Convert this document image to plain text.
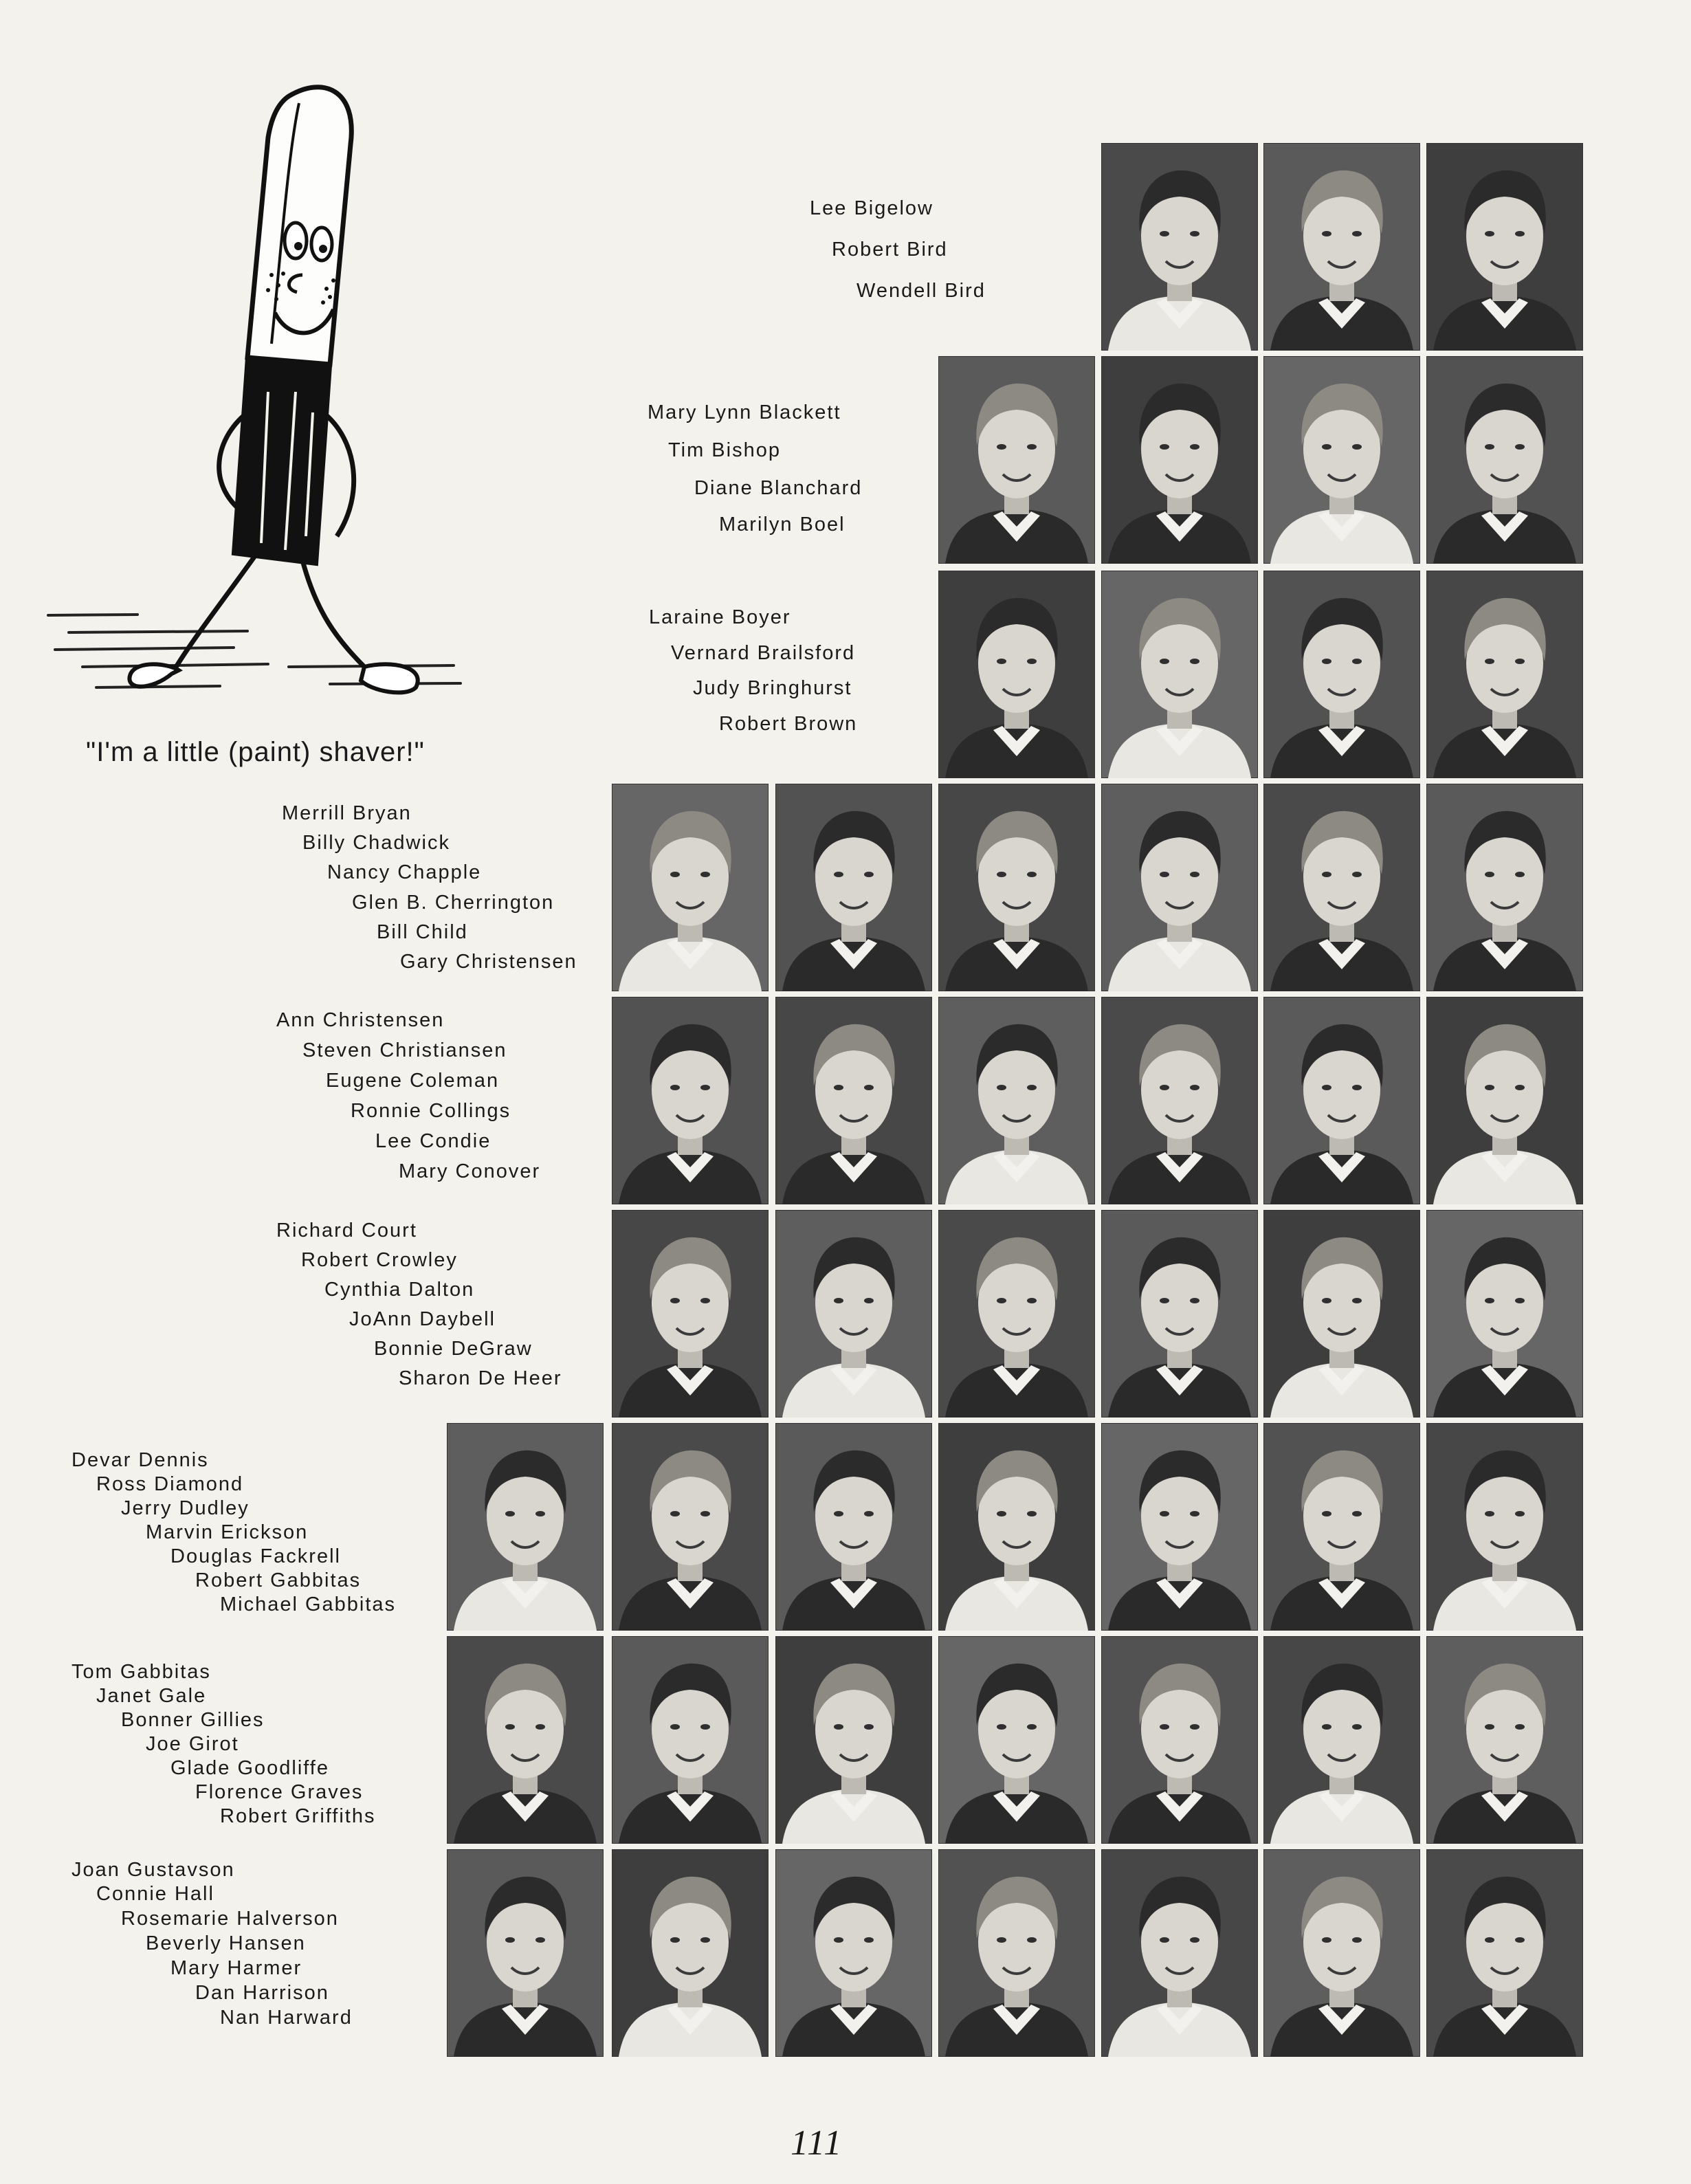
"I'm a little (paint) shaver!"
Lee Bigelow
Robert Bird
Wendell Bird
Mary Lynn Blackett
Tim Bishop
Diane Blanchard
Marilyn Boel
Laraine Boyer
Vernard Brailsford
Judy Bringhurst
Robert Brown
Merrill Bryan
Billy Chadwick
Nancy Chapple
Glen B. Cherrington
Bill Child
Gary Christensen
Ann Christensen
Steven Christiansen
Eugene Coleman
Ronnie Collings
Lee Condie
Mary Conover
Richard Court
Robert Crowley
Cynthia Dalton
JoAnn Daybell
Bonnie DeGraw
Sharon De Heer
Devar Dennis
Ross Diamond
Jerry Dudley
Marvin Erickson
Douglas Fackrell
Robert Gabbitas
Michael Gabbitas
Tom Gabbitas
Janet Gale
Bonner Gillies
Joe Girot
Glade Goodliffe
Florence Graves
Robert Griffiths
Joan Gustavson
Connie Hall
Rosemarie Halverson
Beverly Hansen
Mary Harmer
Dan Harrison
Nan Harward
111
